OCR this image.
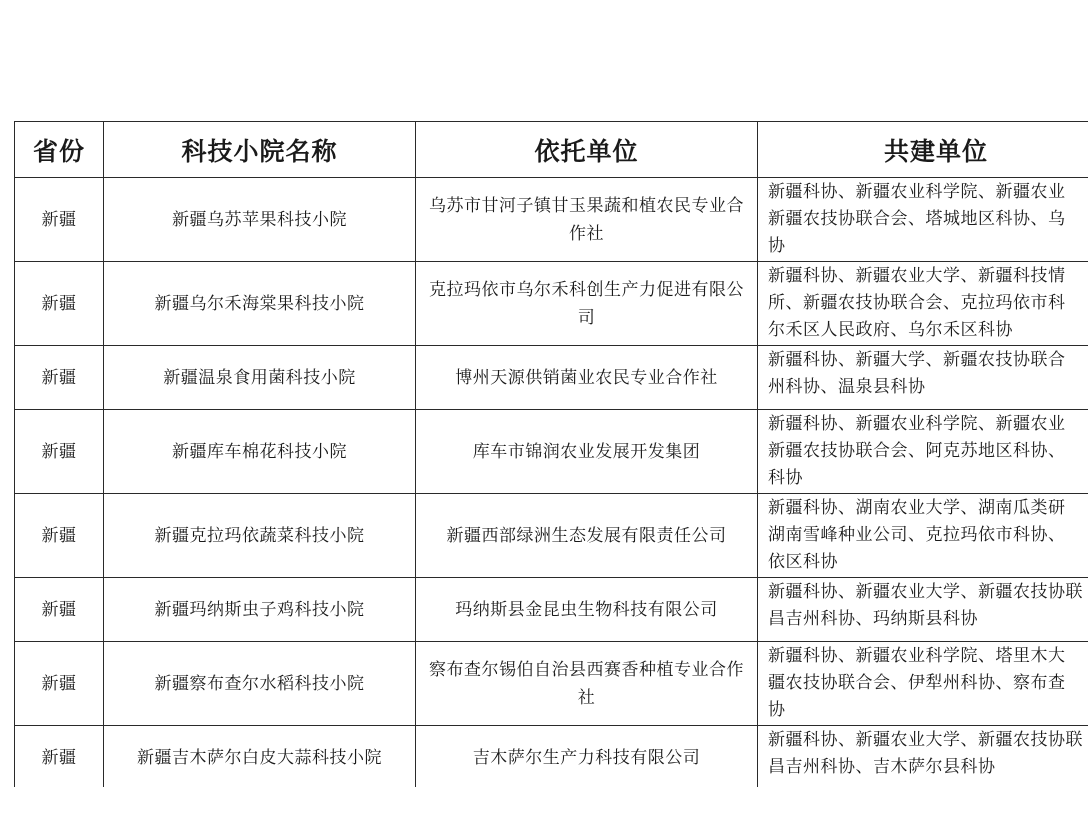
省份	科技小院名称	依托单位	共建单位
新疆	新疆乌苏苹果科技小院	乌苏市甘河子镇甘玉果蔬和植农民专业合作社	新疆科协、新疆农业科学院、新疆农业
新疆农技协联合会、塔城地区科协、乌
协

新疆	新疆乌尔禾海棠果科技小院	克拉玛依市乌尔禾科创生产力促进有限公司	新疆科协、新疆农业大学、新疆科技情
所、新疆农技协联合会、克拉玛依市科
尔禾区人民政府、乌尔禾区科协

新疆	新疆温泉食用菌科技小院	博州天源供销菌业农民专业合作社	新疆科协、新疆大学、新疆农技协联合
州科协、温泉县科协

新疆	新疆库车棉花科技小院	库车市锦润农业发展开发集团	新疆科协、新疆农业科学院、新疆农业
新疆农技协联合会、阿克苏地区科协、
科协

新疆	新疆克拉玛依蔬菜科技小院	新疆西部绿洲生态发展有限责任公司	新疆科协、湖南农业大学、湖南瓜类研
湖南雪峰种业公司、克拉玛依市科协、
依区科协

新疆	新疆玛纳斯虫子鸡科技小院	玛纳斯县金昆虫生物科技有限公司	新疆科协、新疆农业大学、新疆农技协联
昌吉州科协、玛纳斯县科协

新疆	新疆察布查尔水稻科技小院	察布查尔锡伯自治县西赛香种植专业合作社	新疆科协、新疆农业科学院、塔里木大
疆农技协联合会、伊犁州科协、察布查
协

新疆	新疆吉木萨尔白皮大蒜科技小院	吉木萨尔生产力科技有限公司	新疆科协、新疆农业大学、新疆农技协联
昌吉州科协、吉木萨尔县科协
